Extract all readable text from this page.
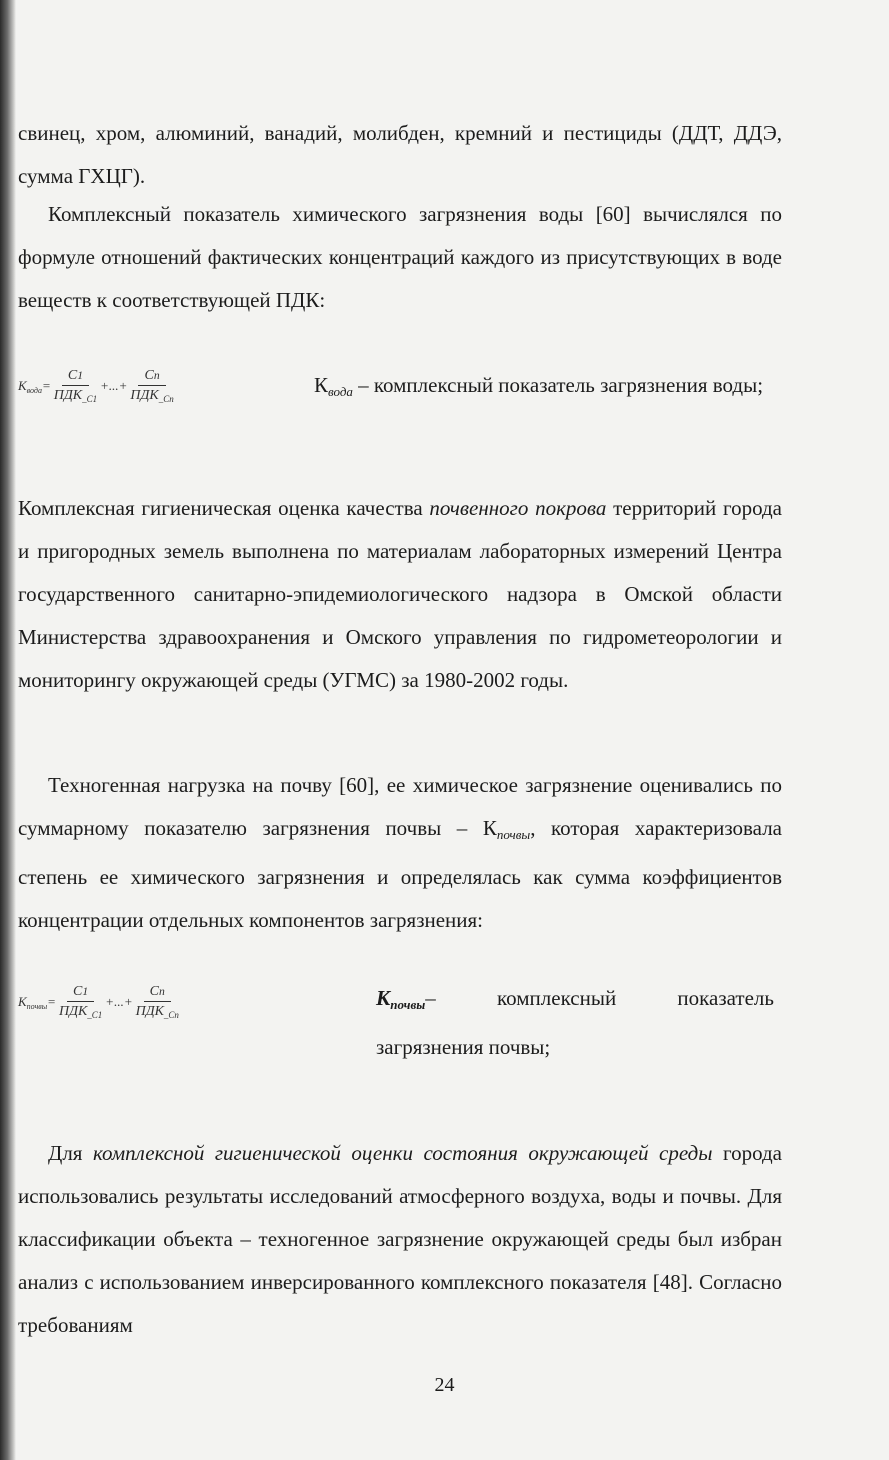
свинец, хром, алюминий, ванадий, молибден, кремний и пестициды (ДДТ, ДДЭ, сумма ГХЦГ).

Комплексный показатель химического загрязнения воды [60] вычислялся по формуле отношений фактических концентраций каждого из присутствующих в воде веществ к соответствующей ПДК:

$K_{вода} = \frac{C1}{ПДК_{\_C1}}$ +...+ $\frac{Cn}{ПДК_{\_Cn}}$	$К_{вода}$ – комплексный показатель загрязнения воды;

Комплексная гигиеническая оценка качества почвенного покрова территорий города и пригородных земель выполнена по материалам лабораторных измерений Центра государственного санитарно-эпидемиологического надзора в Омской области Министерства здравоохранения и Омского управления по гидрометеорологии и мониторингу окружающей среды (УГМС) за 1980-2002 годы.

Техногенная нагрузка на почву [60], ее химическое загрязнение оценивались по суммарному показателю загрязнения почвы – $К_{почвы}$, которая характеризовала степень ее химического загрязнения и определялась как сумма коэффициентов концентрации отдельных компонентов загрязнения:

$K_{почвы} = \frac{C1}{ПДК_{\_C1}}$ +...+ $\frac{Cn}{ПДК_{\_Cn}}$	$К_{почвы}-$ комплексный показатель загрязнения почвы;

Для комплексной гигиенической оценки состояния окружающей среды города использовались результаты исследований атмосферного воздуха, воды и почвы. Для классификации объекта – техногенное загрязнение окружающей среды был избран анализ с использованием инверсированного комплексного показателя [48]. Согласно требованиям

24
